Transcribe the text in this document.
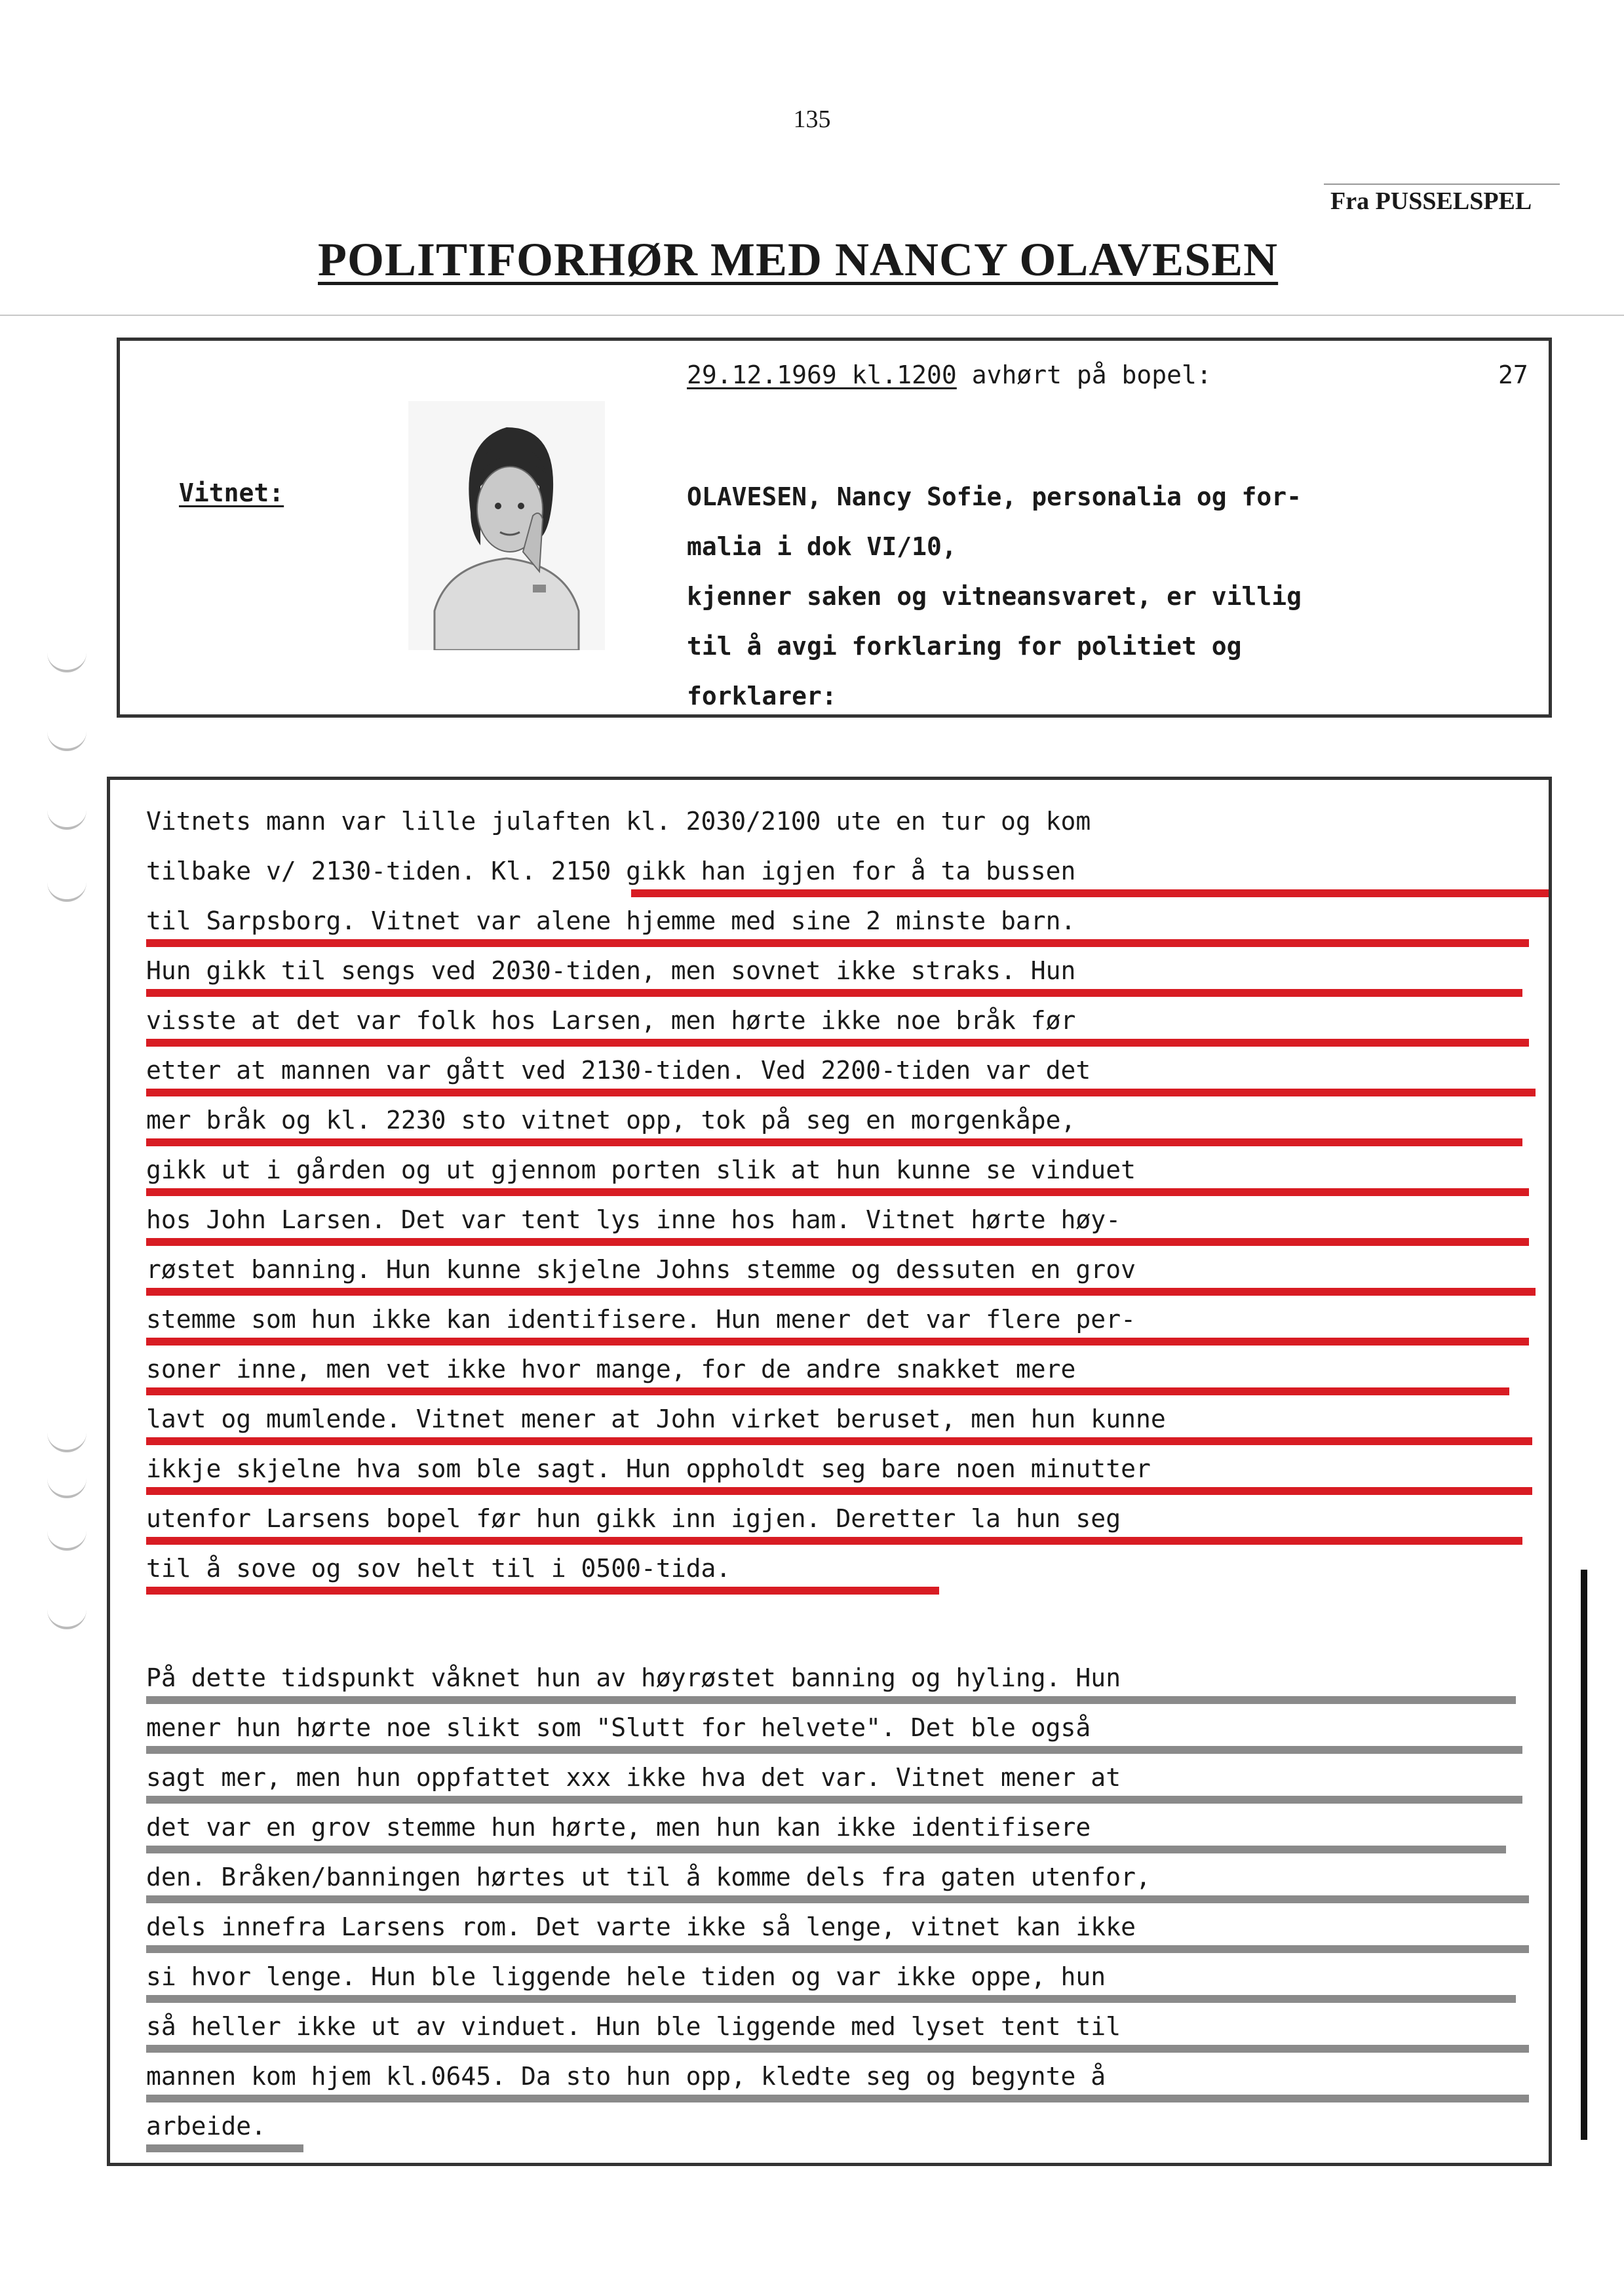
135
Fra PUSSELSPEL
POLITIFORHØR MED NANCY OLAVESEN
29.12.1969 kl.1200 avhørt på bopel:	27
Vitnet:	OLAVESEN, Nancy Sofie, personalia og for-
malia i dok VI/10,
kjenner saken og vitneansvaret, er villig
til å avgi forklaring for politiet og
forklarer:
Vitnets mann var lille julaften kl. 2030/2100 ute en tur og kom
tilbake v/ 2130-tiden. Kl. 2150 gikk han igjen for å ta bussen
til Sarpsborg. Vitnet var alene hjemme med sine 2 minste barn.
Hun gikk til sengs ved 2030-tiden, men sovnet ikke straks. Hun
visste at det var folk hos Larsen, men hørte ikke noe bråk før
etter at mannen var gått ved 2130-tiden. Ved 2200-tiden var det
mer bråk og kl. 2230 sto vitnet opp, tok på seg en morgenkåpe,
gikk ut i gården og ut gjennom porten slik at hun kunne se vinduet
hos John Larsen. Det var tent lys inne hos ham. Vitnet hørte høy-
røstet banning. Hun kunne skjelne Johns stemme og dessuten en grov
stemme som hun ikke kan identifisere. Hun mener det var flere per-
soner inne, men vet ikke hvor mange, for de andre snakket mere
lavt og mumlende. Vitnet mener at John virket beruset, men hun kunne
ikkje skjelne hva som ble sagt. Hun oppholdt seg bare noen minutter
utenfor Larsens bopel før hun gikk inn igjen. Deretter la hun seg
til å sove og sov helt til i 0500-tida.
På dette tidspunkt våknet hun av høyrøstet banning og hyling. Hun
mener hun hørte noe slikt som "Slutt for helvete". Det ble også
sagt mer, men hun oppfattet xxx ikke hva det var. Vitnet mener at
det var en grov stemme hun hørte, men hun kan ikke identifisere
den. Bråken/banningen hørtes ut til å komme dels fra gaten utenfor,
dels innefra Larsens rom. Det varte ikke så lenge, vitnet kan ikke
si hvor lenge. Hun ble liggende hele tiden og var ikke oppe, hun
så heller ikke ut av vinduet. Hun ble liggende med lyset tent til
mannen kom hjem kl.0645. Da sto hun opp, kledte seg og begynte å
arbeide.
